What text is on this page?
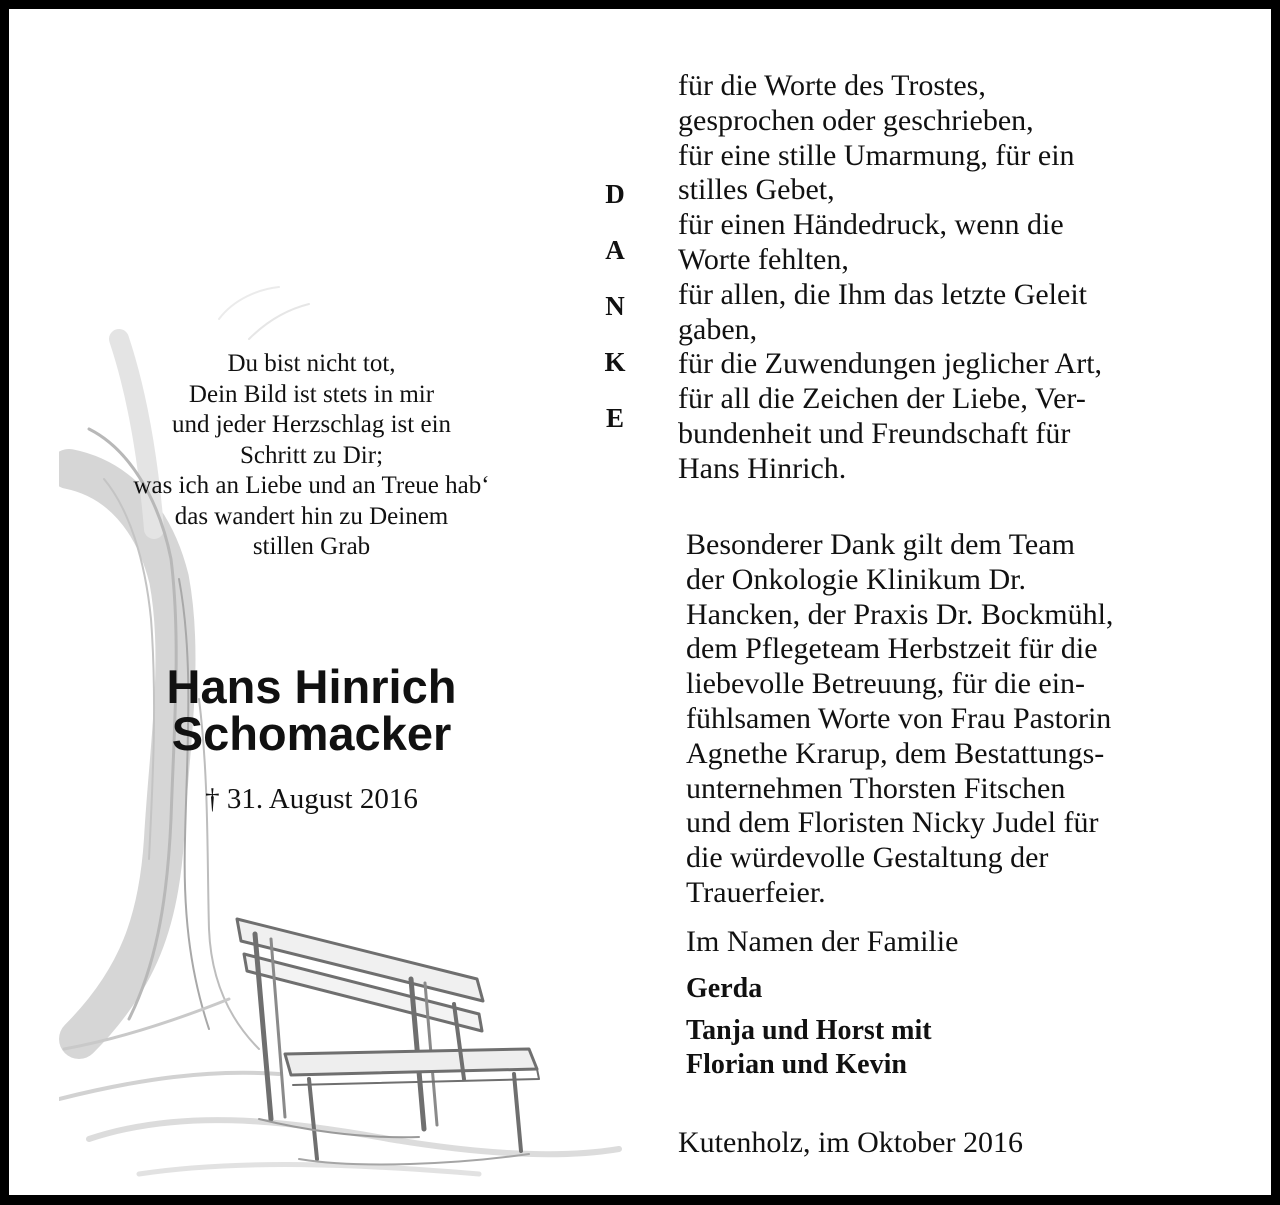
Du bist nicht tot,
Dein Bild ist stets in mir
und jeder Herzschlag ist ein
Schritt zu Dir;
was ich an Liebe und an Treue hab‘
das wandert hin zu Deinem
stillen Grab
Hans Hinrich
Schomacker
† 31. August 2016
D
A
N
K
E
für die Worte des Trostes,
gesprochen oder geschrieben,
für eine stille Umarmung, für ein
stilles Gebet,
für einen Händedruck, wenn die
Worte fehlten,
für allen, die Ihm das letzte Geleit
gaben,
für die Zuwendungen jeglicher Art,
für all die Zeichen der Liebe, Ver-
bundenheit und Freundschaft für
Hans Hinrich.
Besonderer Dank gilt dem Team
der Onkologie Klinikum Dr.
Hancken, der Praxis Dr. Bockmühl,
dem Pflegeteam Herbstzeit für die
liebevolle Betreuung, für die ein-
fühlsamen Worte von Frau Pastorin
Agnethe Krarup, dem Bestattungs-
unternehmen Thorsten Fitschen
und dem Floristen Nicky Judel für
die würdevolle Gestaltung der
Trauerfeier.
Im Namen der Familie
Gerda
Tanja und Horst mit
Florian und Kevin
Kutenholz, im Oktober 2016
